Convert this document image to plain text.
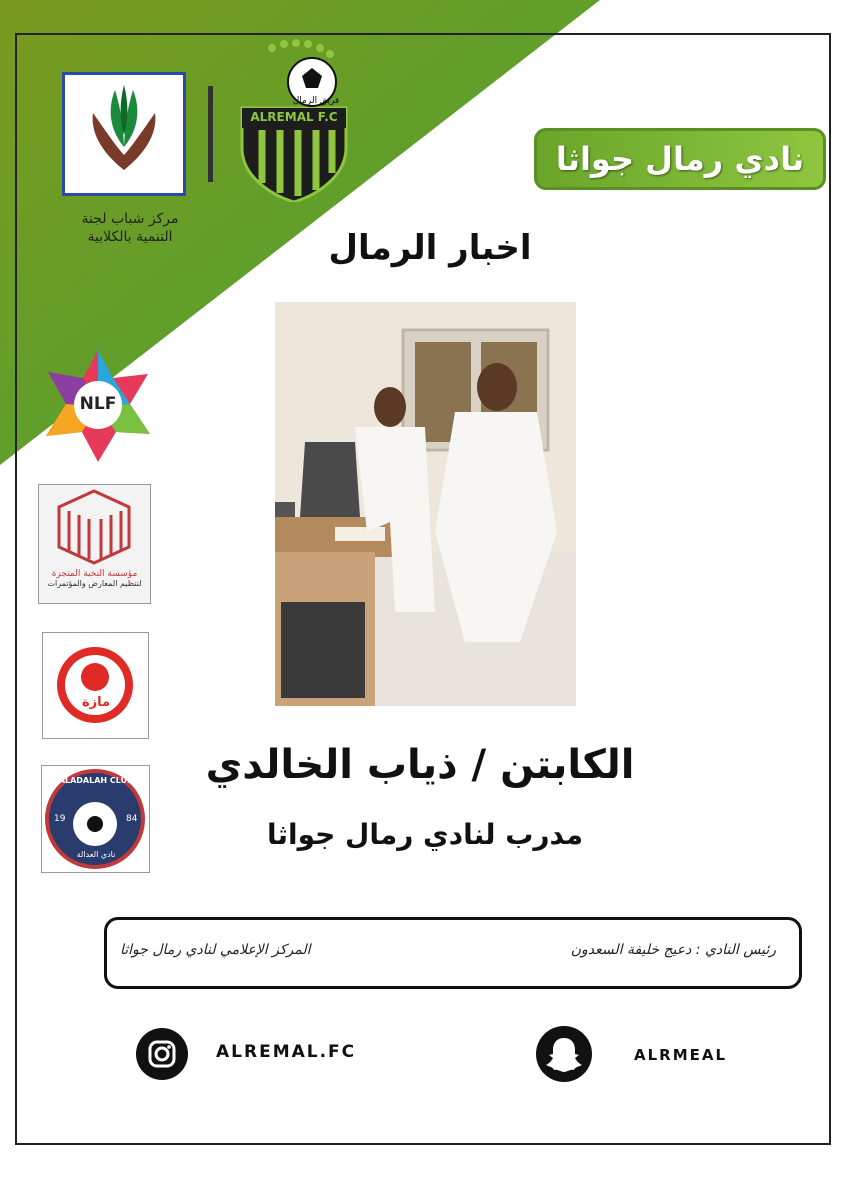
ALREMAL F.C
فريق الرمال
مركز شباب لجنة
التنمية بالكلابية
نادي رمال جواثا
اخبار الرمال
NLF
مؤسسة النخبة المتجزة
لتنظيم المعارض والمؤتمرات
مازة
ALADALAH CLUB
19	84
نادي العدالة
الكابتن / ذياب الخالدي
مدرب لنادي رمال جواثا
رئيس النادي : دعيج خليفة السعدون
المركز الإعلامي لنادي رمال جواثا
ALREMAL.FC	ALRMEAL
